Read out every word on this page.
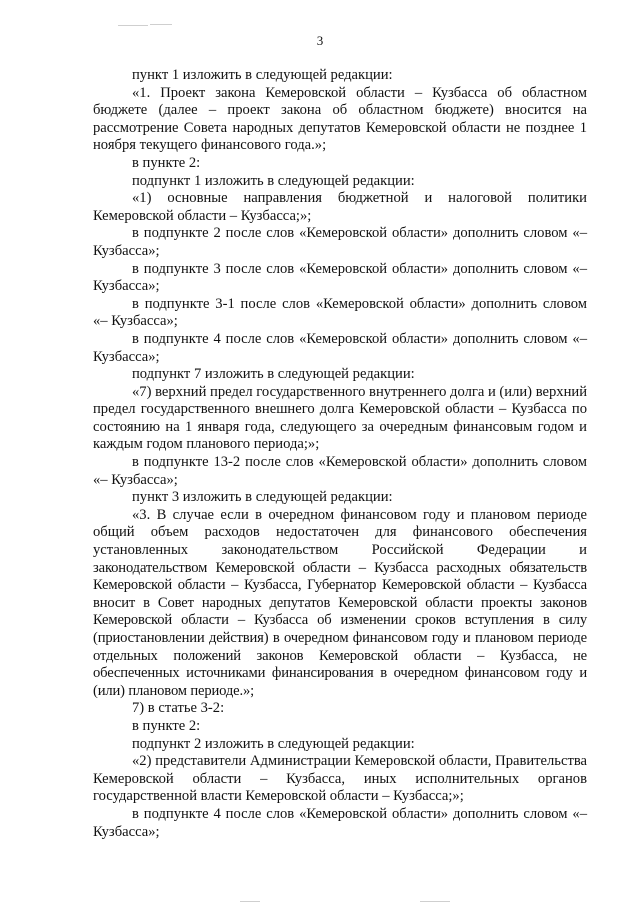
3

пункт 1 изложить в следующей редакции:

«1. Проект закона Кемеровской области – Кузбасса об областном бюджете (далее – проект закона об областном бюджете) вносится на рассмотрение Совета народных депутатов Кемеровской области не позднее 1 ноября текущего финансового года.»;

в пункте 2:

подпункт 1 изложить в следующей редакции:

«1) основные направления бюджетной и налоговой политики Кемеровской области – Кузбасса;»;

в подпункте 2 после слов «Кемеровской области» дополнить словом «– Кузбасса»;

в подпункте 3 после слов «Кемеровской области» дополнить словом «– Кузбасса»;

в подпункте 3-1 после слов «Кемеровской области» дополнить словом «– Кузбасса»;

в подпункте 4 после слов «Кемеровской области» дополнить словом «– Кузбасса»;

подпункт 7 изложить в следующей редакции:

«7) верхний предел государственного внутреннего долга и (или) верхний предел государственного внешнего долга Кемеровской области – Кузбасса по состоянию на 1 января года, следующего за очередным финансовым годом и каждым годом планового периода;»;

в подпункте 13-2 после слов «Кемеровской области» дополнить словом «– Кузбасса»;

пункт 3 изложить в следующей редакции:

«3. В случае если в очередном финансовом году и плановом периоде общий объем расходов недостаточен для финансового обеспечения установленных законодательством Российской Федерации и

законодательством Кемеровской области – Кузбасса расходных обязательств Кемеровской области – Кузбасса, Губернатор Кемеровской области – Кузбасса вносит в Совет народных депутатов Кемеровской области проекты законов Кемеровской области – Кузбасса об изменении сроков вступления в силу (приостановлении действия) в очередном финансовом году и плановом периоде отдельных положений законов Кемеровской области – Кузбасса, не обеспеченных источниками финансирования в очередном финансовом году и (или) плановом периоде.»;

7) в статье 3-2:

в пункте 2:

подпункт 2 изложить в следующей редакции:

«2) представители Администрации Кемеровской области, Правительства Кемеровской области – Кузбасса, иных исполнительных органов государственной власти Кемеровской области – Кузбасса;»;

в подпункте 4 после слов «Кемеровской области» дополнить словом «– Кузбасса»;
